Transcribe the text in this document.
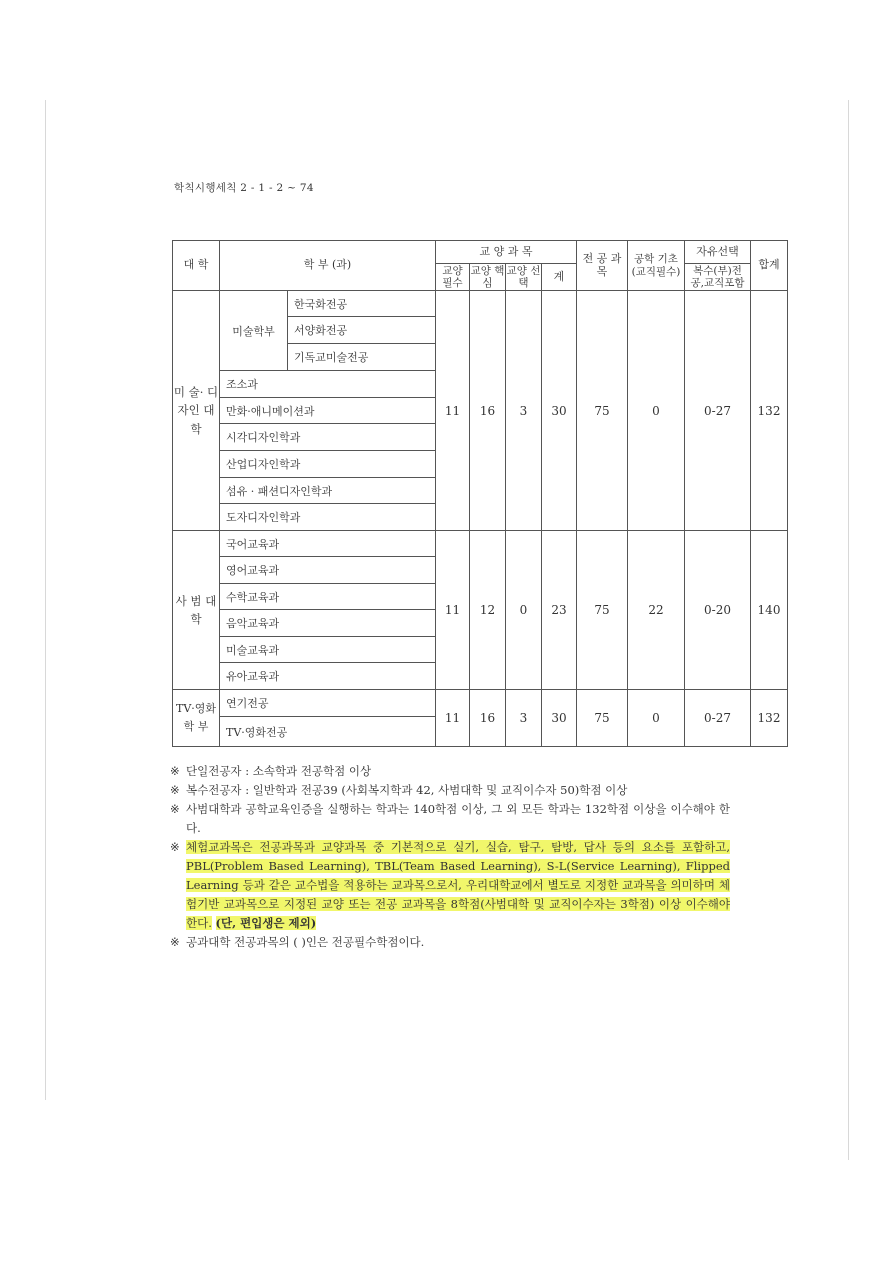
학칙시행세칙 2 - 1 - 2 ~ 74
대 학	학 부 (과)		교 양 과 목				전 공 과 목	공학 기초 (교직필수)	자유선택	합계
			교양 필수	교양 핵심	교양 선택	계			복수(부)전 공,교직포함	
미 술· 디자인 대 학	미술학부	한국화전공	11	16	3	30	75	0	0-27	132
		서양화전공								
		기독교미술전공								
	조소과									
	만화·애니메이션과									
	시각디자인학과									
	산업디자인학과									
	섬유 · 패션디자인학과									
	도자디자인학과									
사 범 대 학	국어교육과		11	12	0	23	75	22	0-20	140
	영어교육과									
	수학교육과									
	음악교육과									
	미술교육과									
	유아교육과									
TV·영화 학 부	연기전공		11	16	3	30	75	0	0-27	132
	TV·영화전공									

※ 단일전공자 : 소속학과 전공학점 이상

※ 복수전공자 : 일반학과 전공39 (사회복지학과 42, 사범대학 및 교직이수자 50)학점 이상

※ 사범대학과 공학교육인증을 실행하는 학과는 140학점 이상, 그 외 모든 학과는 132학점 이상을 이수해야 한다.

※ 체험교과목은 전공과목과 교양과목 중 기본적으로 실기, 실습, 탐구, 탐방, 답사 등의 요소를 포함하고, PBL(Problem Based Learning), TBL(Team Based Learning), S-L(Service Learning), Flipped Learning 등과 같은 교수법을 적용하는 교과목으로서, 우리대학교에서 별도로 지정한 교과목을 의미하며 체험기반 교과목으로 지정된 교양 또는 전공 교과목을 8학점(사범대학 및 교직이수자는 3학점) 이상 이수해야 한다. (단, 편입생은 제외)

※ 공과대학 전공과목의 ( )인은 전공필수학점이다.
